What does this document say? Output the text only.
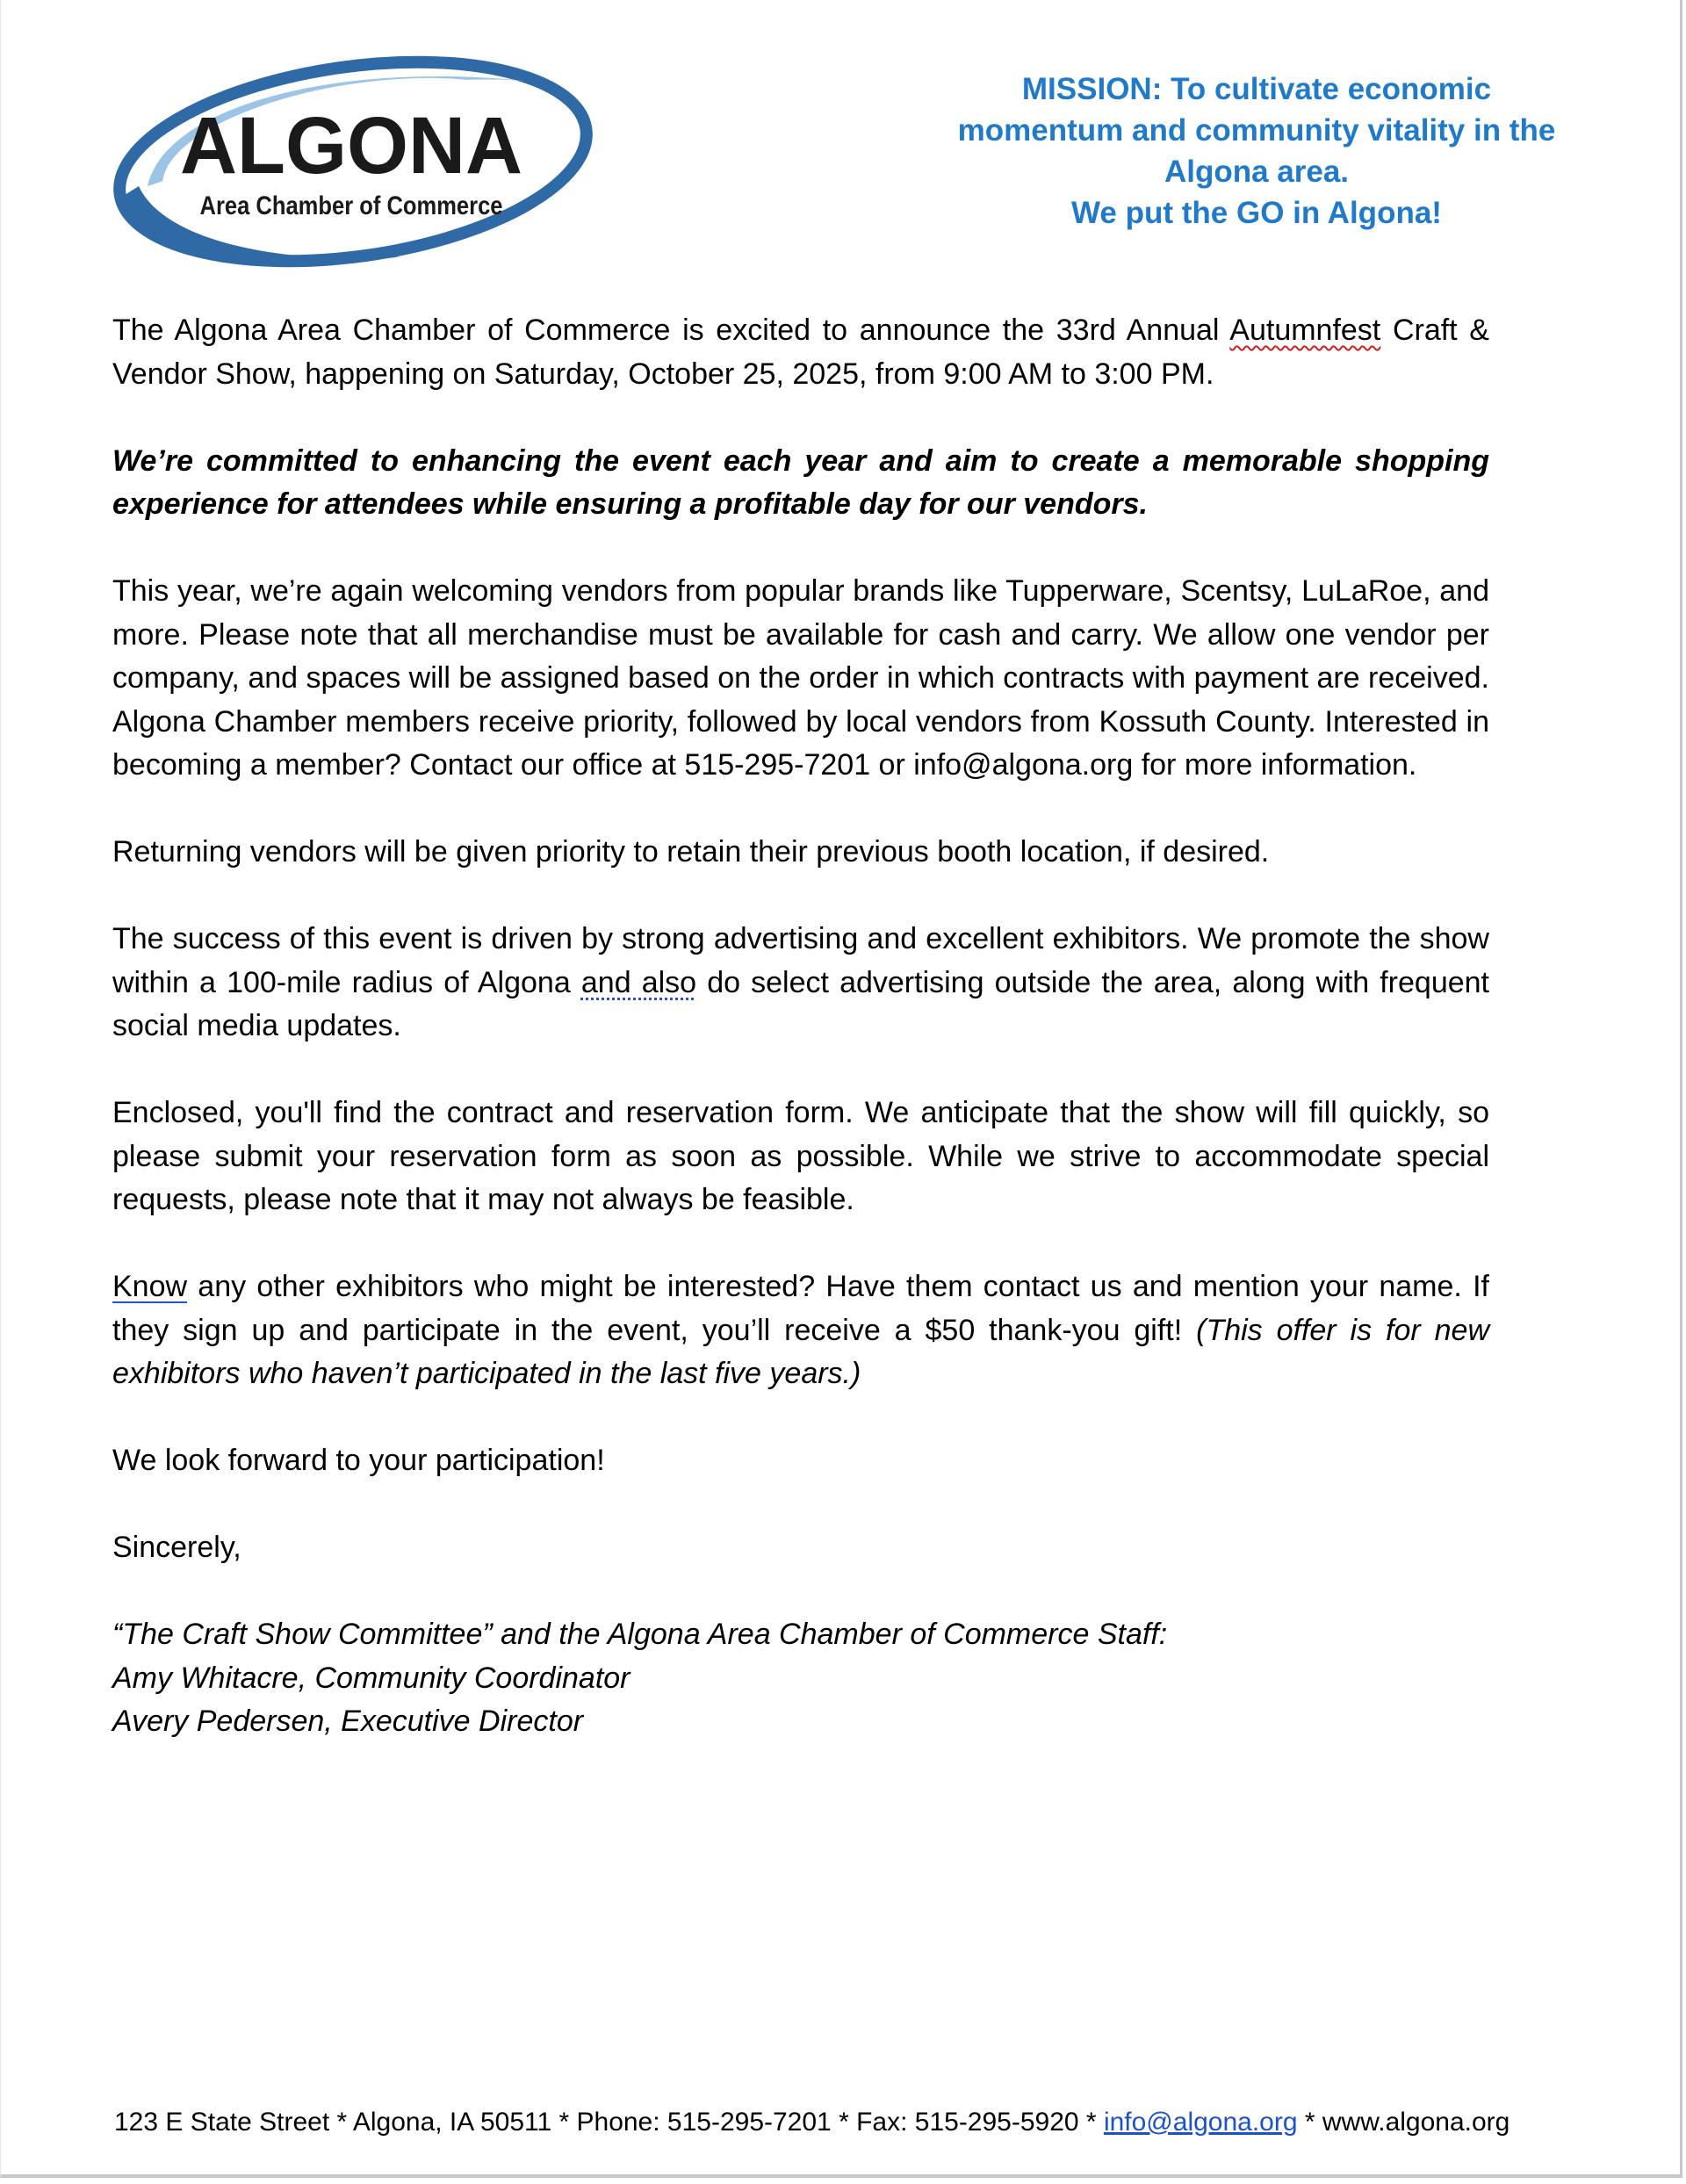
ALGONA
Area Chamber of Commerce
MISSION: To cultivate economic momentum and community vitality in the Algona area.
We put the GO in Algona!

The Algona Area Chamber of Commerce is excited to announce the 33rd Annual Autumnfest Craft & Vendor Show, happening on Saturday, October 25, 2025, from 9:00 AM to 3:00 PM.

We’re committed to enhancing the event each year and aim to create a memorable shopping experience for attendees while ensuring a profitable day for our vendors.

This year, we’re again welcoming vendors from popular brands like Tupperware, Scentsy, LuLaRoe, and more. Please note that all merchandise must be available for cash and carry. We allow one vendor per company, and spaces will be assigned based on the order in which contracts with payment are received. Algona Chamber members receive priority, followed by local vendors from Kossuth County. Interested in becoming a member? Contact our office at 515-295-7201 or info@algona.org for more information.

Returning vendors will be given priority to retain their previous booth location, if desired.

The success of this event is driven by strong advertising and excellent exhibitors. We promote the show within a 100-mile radius of Algona and also do select advertising outside the area, along with frequent social media updates.

Enclosed, you'll find the contract and reservation form. We anticipate that the show will fill quickly, so please submit your reservation form as soon as possible. While we strive to accommodate special requests, please note that it may not always be feasible.

Know any other exhibitors who might be interested? Have them contact us and mention your name. If they sign up and participate in the event, you’ll receive a $50 thank-you gift! (This offer is for new exhibitors who haven’t participated in the last five years.)

We look forward to your participation!

Sincerely,

“The Craft Show Committee” and the Algona Area Chamber of Commerce Staff:
Amy Whitacre, Community Coordinator
Avery Pedersen, Executive Director

123 E State Street * Algona, IA 50511 * Phone: 515-295-7201 * Fax: 515-295-5920 * info@algona.org * www.algona.org
